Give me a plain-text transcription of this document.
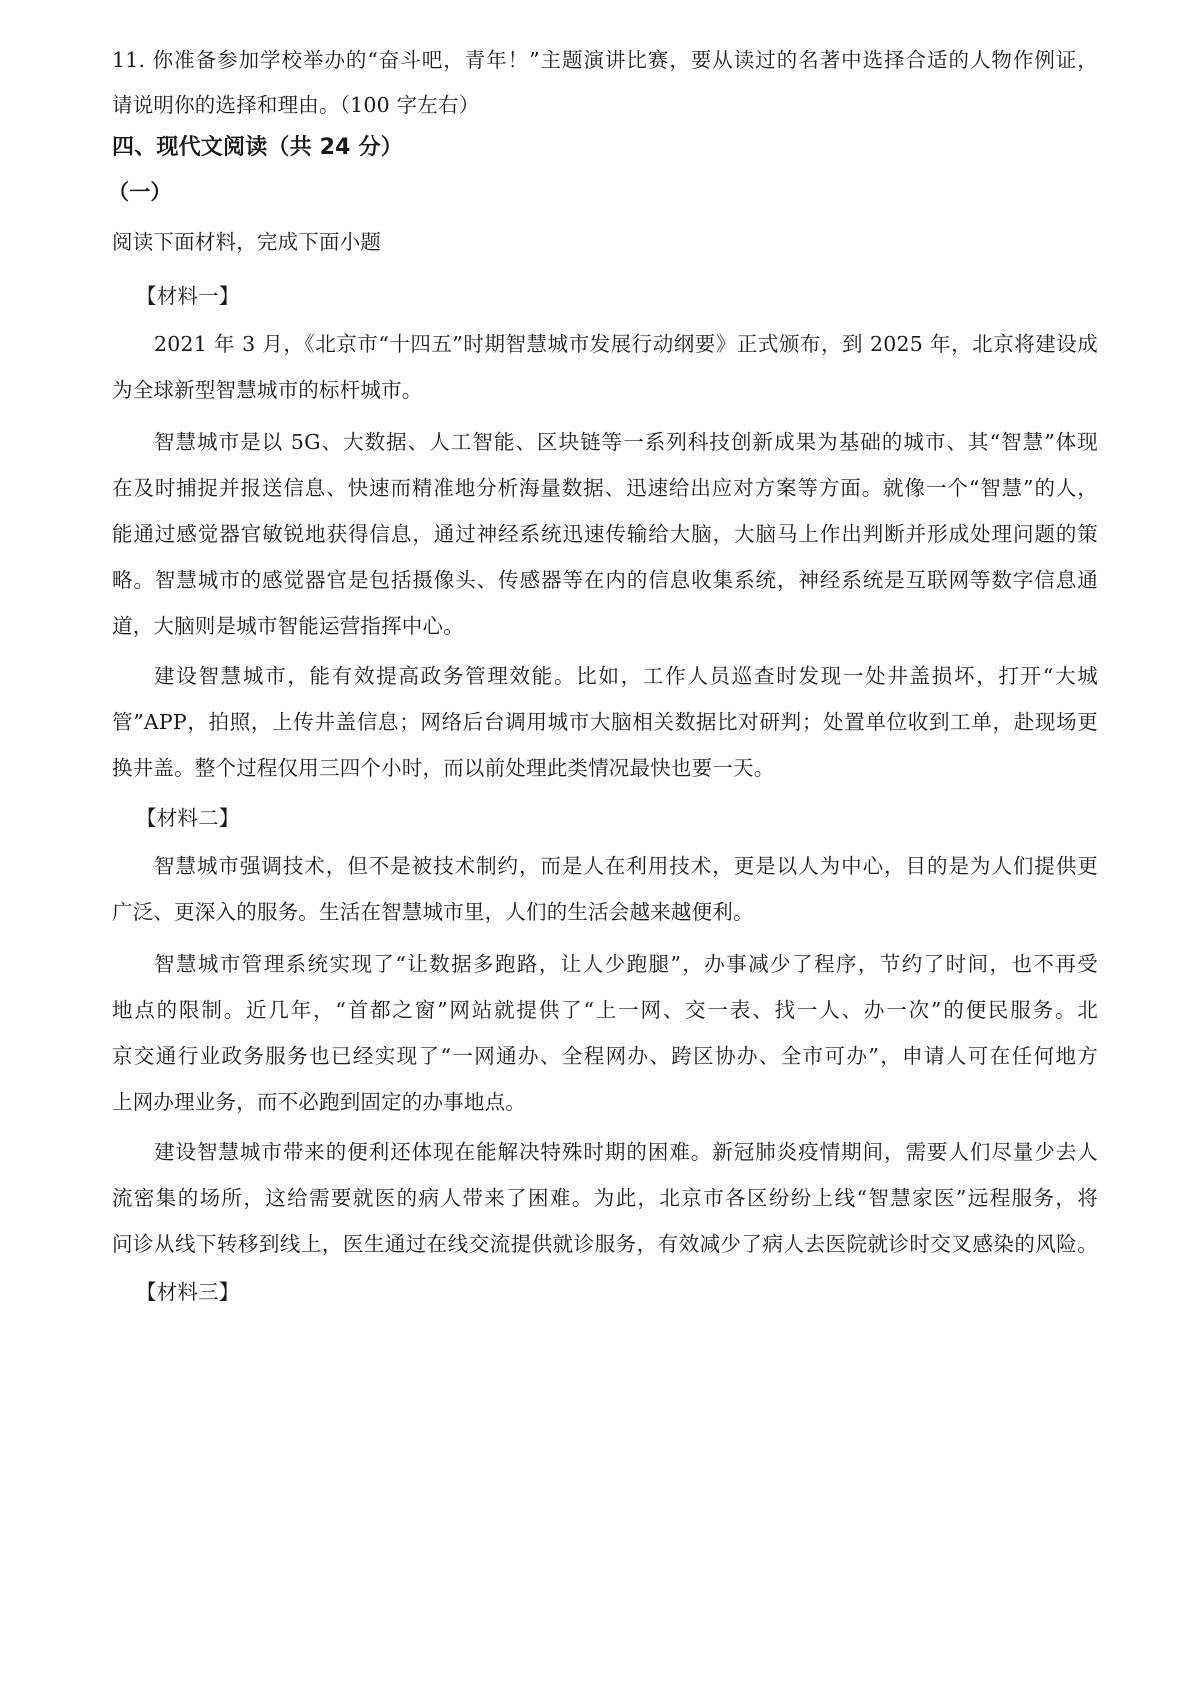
11. 你准备参加学校举办的“奋斗吧，青年！”主题演讲比赛，要从读过的名著中选择合适的人物作例证，
请说明你的选择和理由。（100 字左右）
四、现代文阅读（共 24 分）
（一）
阅读下面材料，完成下面小题
【材料一】
2021 年 3 月，《北京市“十四五”时期智慧城市发展行动纲要》正式颁布，到 2025 年，北京将建设成
为全球新型智慧城市的标杆城市。
智慧城市是以 5G、大数据、人工智能、区块链等一系列科技创新成果为基础的城市、其“智慧”体现
在及时捕捉并报送信息、快速而精准地分析海量数据、迅速给出应对方案等方面。就像一个“智慧”的人，
能通过感觉器官敏锐地获得信息，通过神经系统迅速传输给大脑，大脑马上作出判断并形成处理问题的策
略。智慧城市的感觉器官是包括摄像头、传感器等在内的信息收集系统，神经系统是互联网等数字信息通
道，大脑则是城市智能运营指挥中心。
建设智慧城市，能有效提高政务管理效能。比如，工作人员巡查时发现一处井盖损坏，打开“大城
管”APP，拍照，上传井盖信息；网络后台调用城市大脑相关数据比对研判；处置单位收到工单，赴现场更
换井盖。整个过程仅用三四个小时，而以前处理此类情况最快也要一天。
【材料二】
智慧城市强调技术，但不是被技术制约，而是人在利用技术，更是以人为中心，目的是为人们提供更
广泛、更深入的服务。生活在智慧城市里，人们的生活会越来越便利。
智慧城市管理系统实现了“让数据多跑路，让人少跑腿”，办事减少了程序，节约了时间，也不再受
地点的限制。近几年，“首都之窗”网站就提供了“上一网、交一表、找一人、办一次”的便民服务。北
京交通行业政务服务也已经实现了“一网通办、全程网办、跨区协办、全市可办”，申请人可在任何地方
上网办理业务，而不必跑到固定的办事地点。
建设智慧城市带来的便利还体现在能解决特殊时期的困难。新冠肺炎疫情期间，需要人们尽量少去人
流密集的场所，这给需要就医的病人带来了困难。为此，北京市各区纷纷上线“智慧家医”远程服务，将
问诊从线下转移到线上，医生通过在线交流提供就诊服务，有效减少了病人去医院就诊时交叉感染的风险。
【材料三】
